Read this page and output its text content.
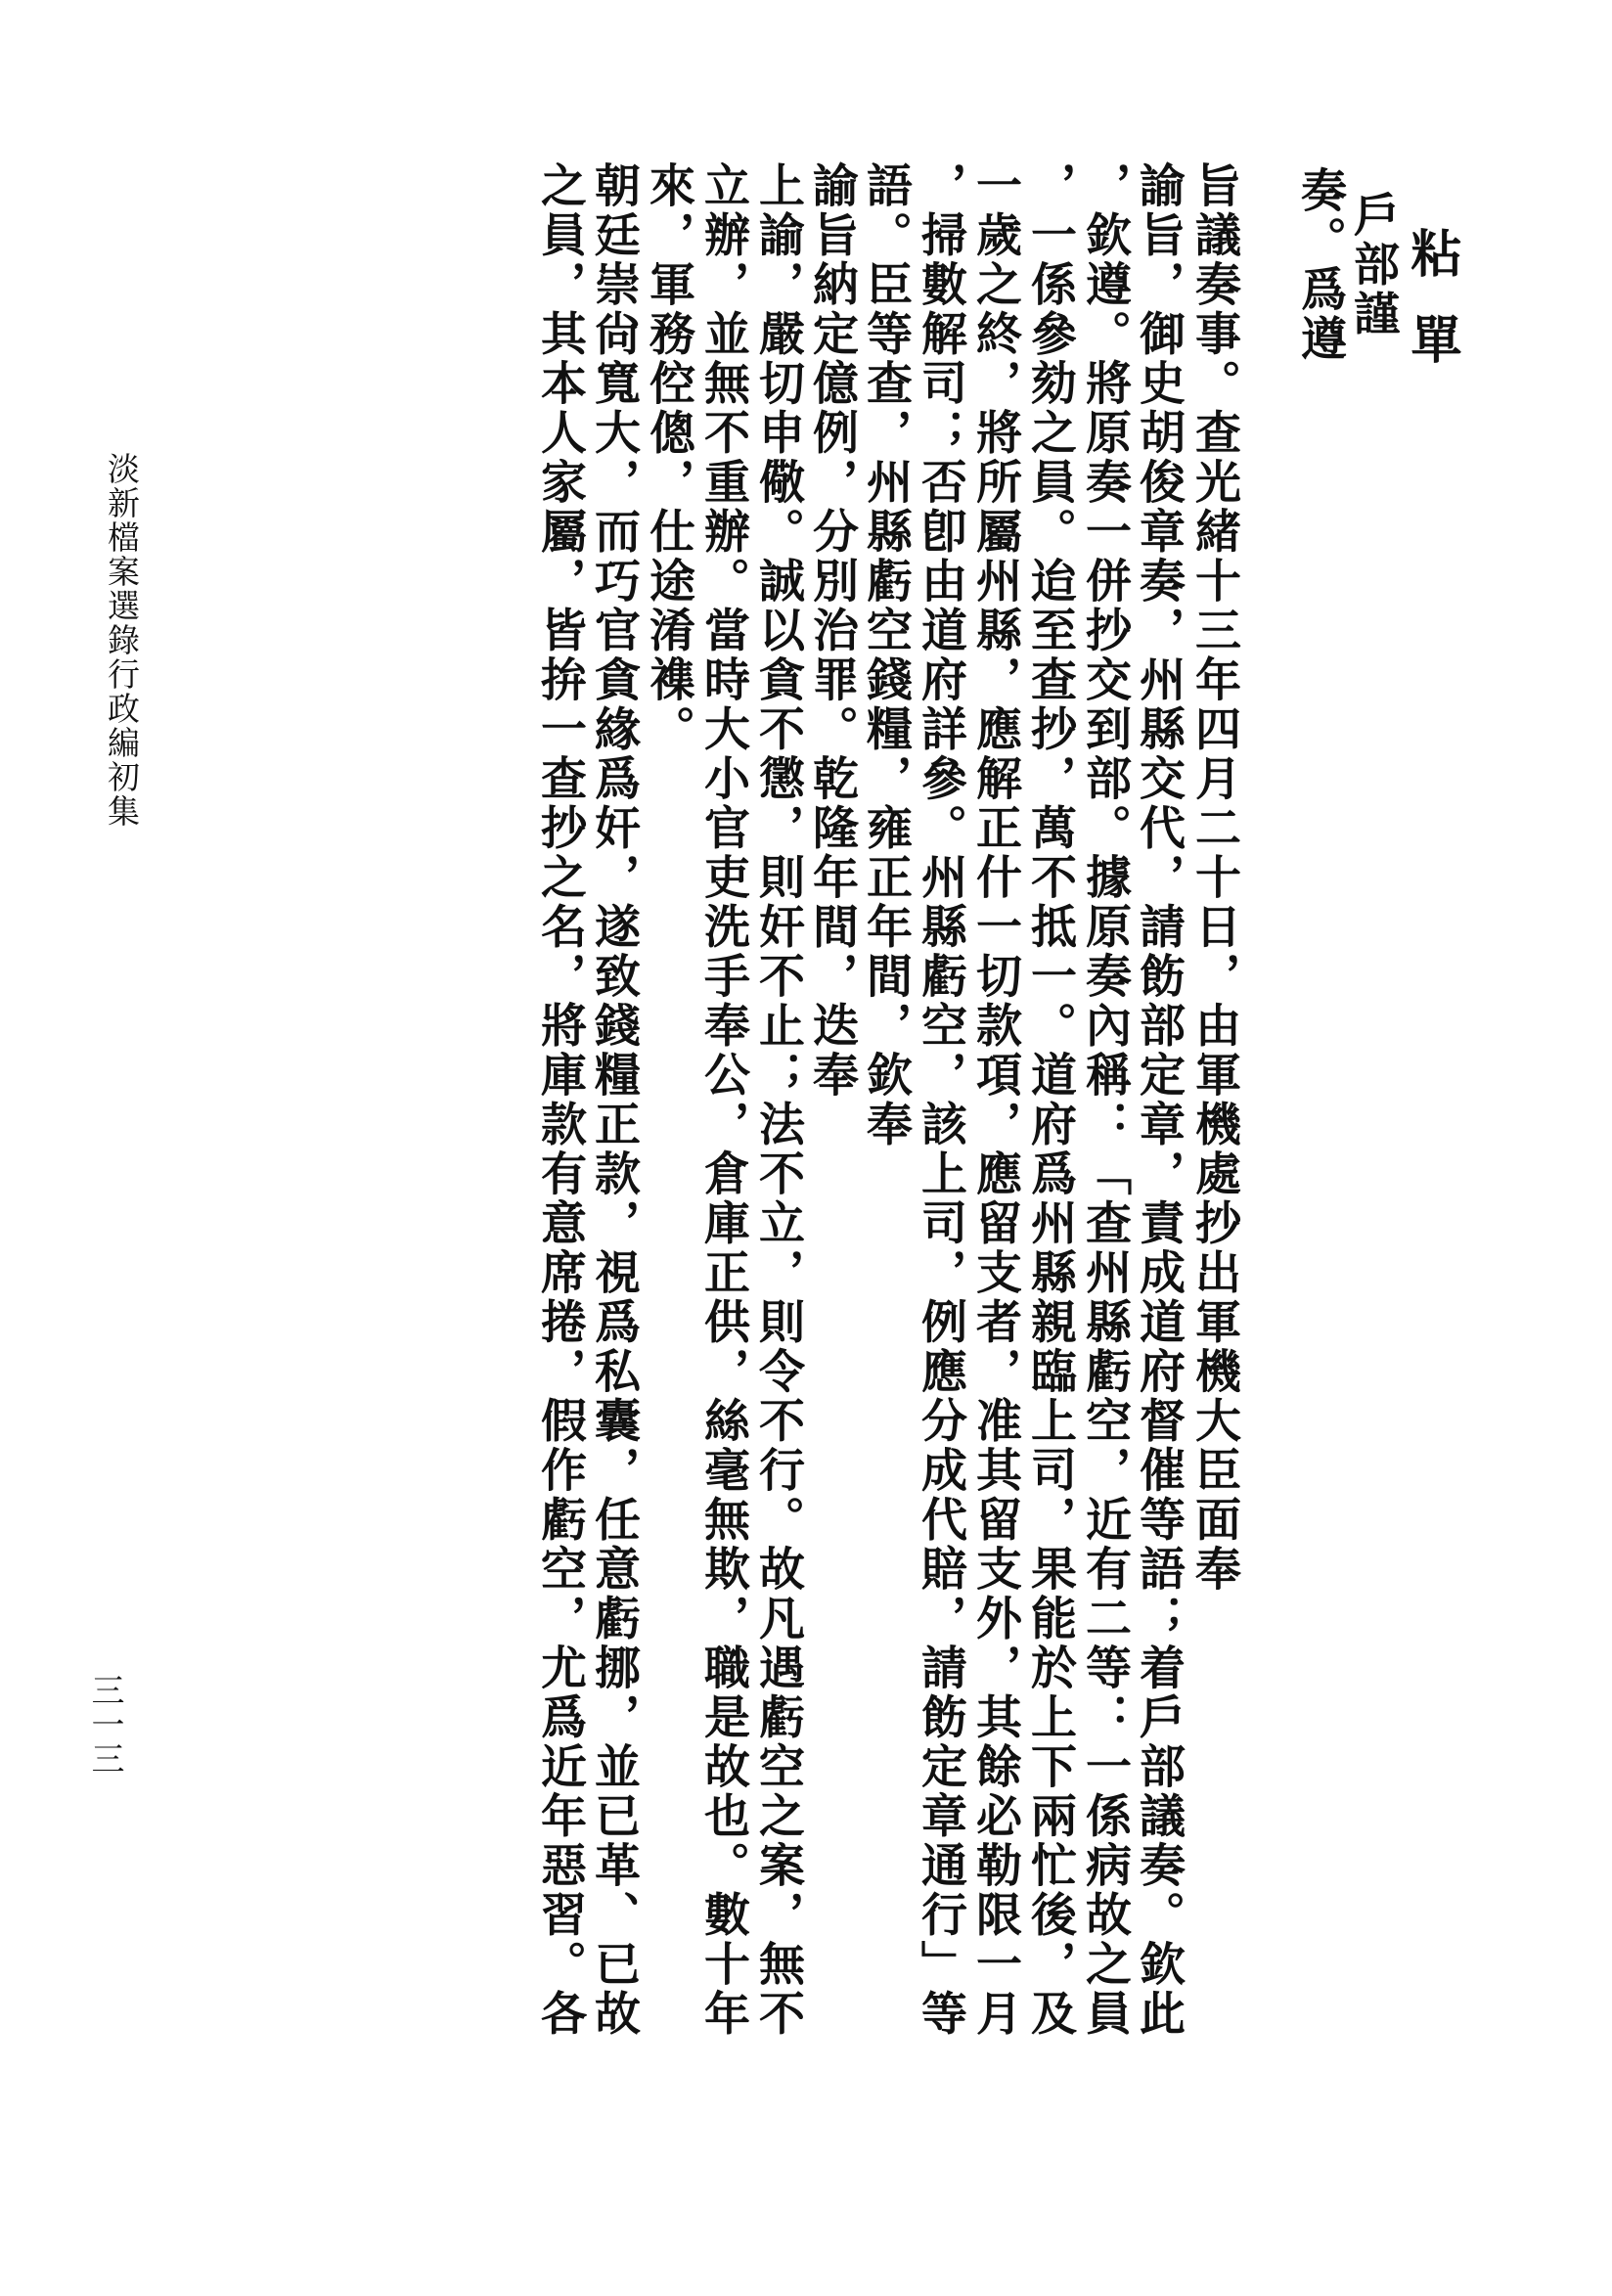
粘單
戶部謹
奏。爲遵
旨議奏事。查光緒十三年四月二十日，由軍機處抄出軍機大臣面奉
諭旨，御史胡俊章奏，州縣交代，請飭部定章，責成道府督催等語；着戶部議奏。欽此
，欽遵。將原奏一併抄交到部。據原奏內稱：「查州縣虧空，近有二等：一係病故之員
，一係參劾之員。迨至查抄，萬不抵一。道府爲州縣親臨上司，果能於上下兩忙後，及
一歲之終，將所屬州縣，應解正什一切款項，應留支者，准其留支外，其餘必勒限一月
，掃數解司；否卽由道府詳參。州縣虧空，該上司，例應分成代賠，請飭定章通行」等
語。臣等查，州縣虧空錢糧，雍正年間，欽奉
諭旨納定億例，分別治罪。乾隆年間，迭奉
上諭，嚴切申儆。誠以貪不懲，則奸不止；法不立，則令不行。故凡遇虧空之案，無不
立辦，並無不重辦。當時大小官吏洗手奉公，倉庫正供，絲毫無欺，職是故也。數十年
來，軍務倥傯，仕途淆襍。
朝廷崇尙寬大，而巧官貪緣爲奸，遂致錢糧正款，視爲私囊，任意虧挪，並已革、已故
之員，其本人家屬，皆拚一查抄之名，將庫款有意席捲，假作虧空，尤爲近年惡習。各
淡新檔案選錄行政編初集
三一三
